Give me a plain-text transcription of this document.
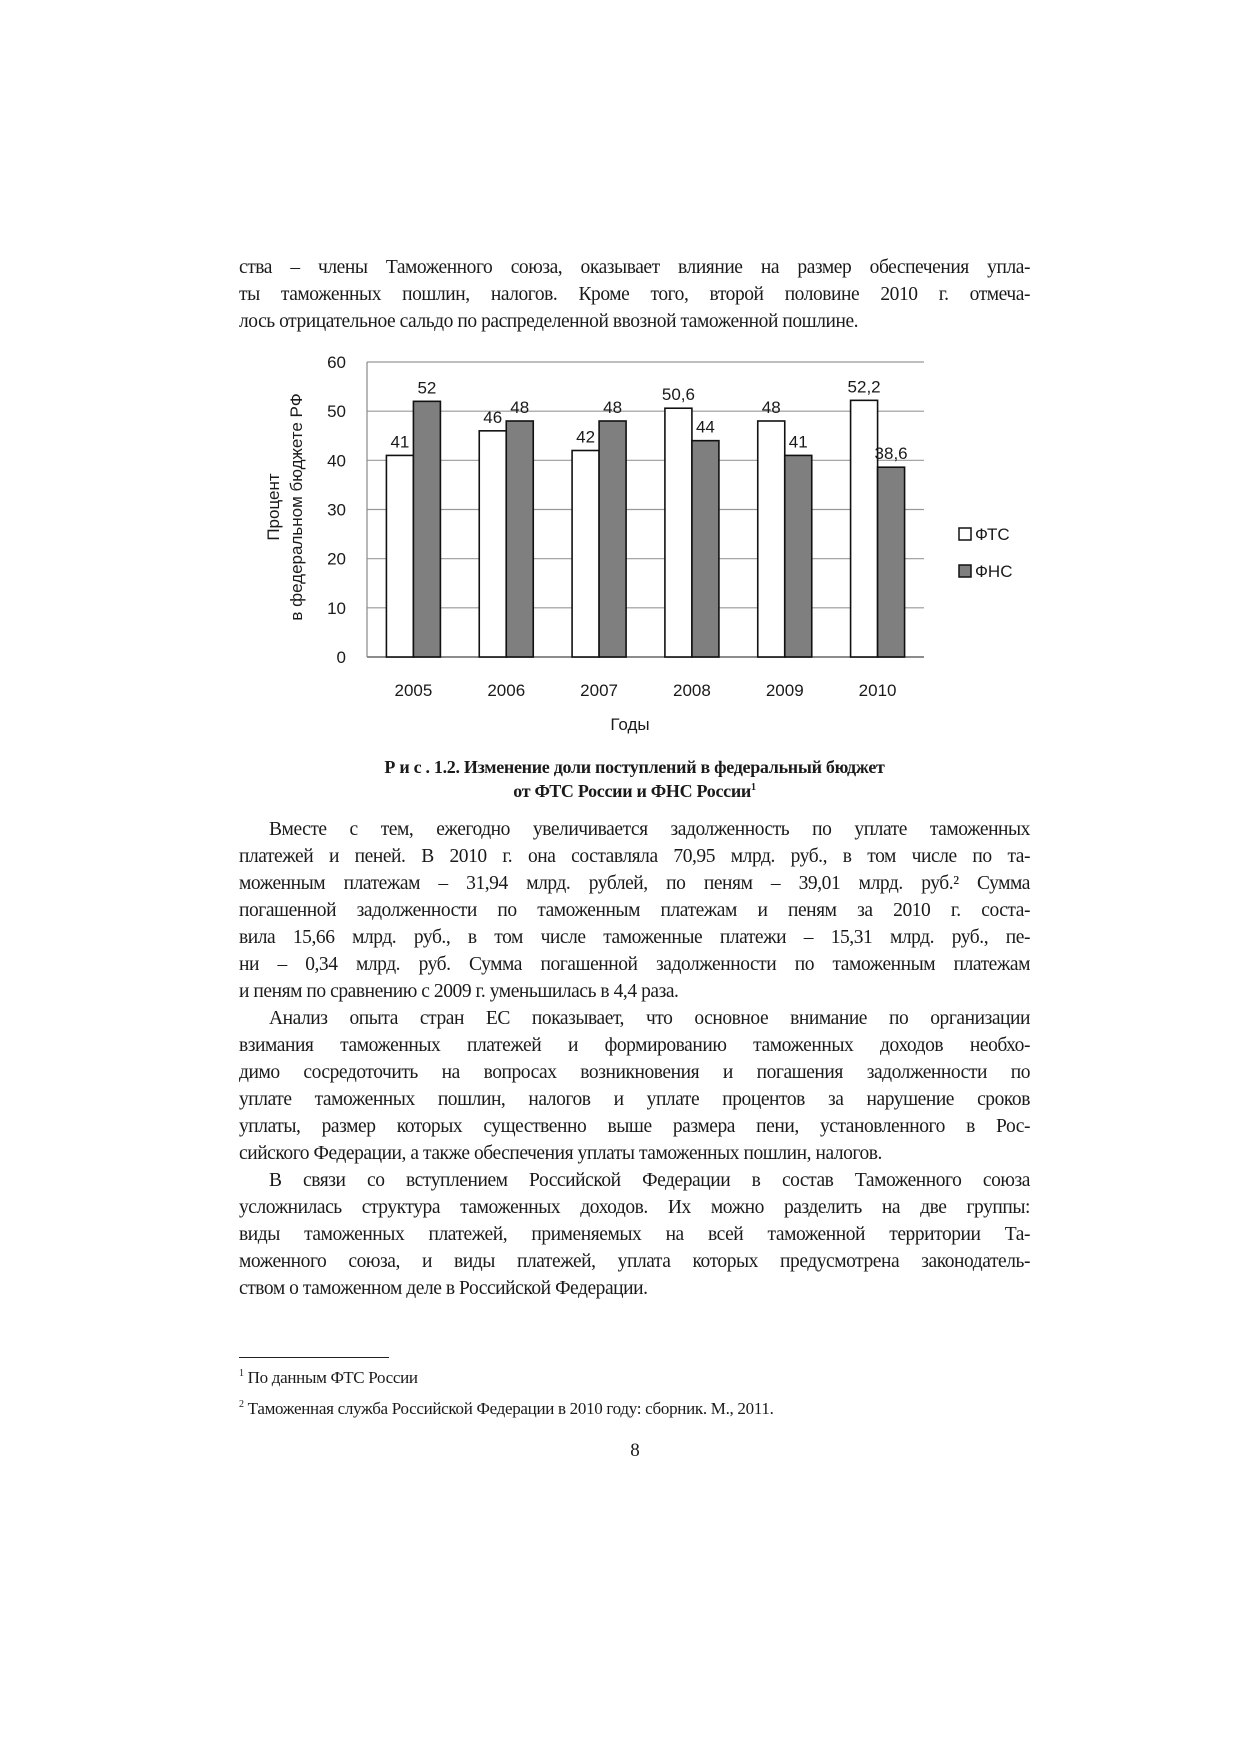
ства – члены Таможенного союза, оказывает влияние на размер обеспечения упла-
ты таможенных пошлин, налогов. Кроме того, второй половине 2010 г. отмеча-
лось отрицательное сальдо по распределенной ввозной таможенной пошлине.
0
10
20
30
40
50
60
41
52
2005
46
48
2006
42
48
2007
50,6
44
2008
48
41
2009
52,2
38,6
2010
Годы
Процент в федеральном бюджете РФ	ФТС
ФНС
Р и с . 1.2. Изменение доли поступлений в федеральный бюджет
от ФТС России и ФНС России$^1$
Вместе с тем, ежегодно увеличивается задолженность по уплате таможенных
платежей и пеней. В 2010 г. она составляла 70,95 млрд. руб., в том числе по та-
моженным платежам – 31,94 млрд. рублей, по пеням – 39,01 млрд. руб.² Сумма
погашенной задолженности по таможенным платежам и пеням за 2010 г. соста-
вила 15,66 млрд. руб., в том числе таможенные платежи – 15,31 млрд. руб., пе-
ни – 0,34 млрд. руб. Сумма погашенной задолженности по таможенным платежам
и пеням по сравнению с 2009 г. уменьшилась в 4,4 раза.
Анализ опыта стран ЕС показывает, что основное внимание по организации
взимания таможенных платежей и формированию таможенных доходов необхо-
димо сосредоточить на вопросах возникновения и погашения задолженности по
уплате таможенных пошлин, налогов и уплате процентов за нарушение сроков
уплаты, размер которых существенно выше размера пени, установленного в Рос-
сийского Федерации, а также обеспечения уплаты таможенных пошлин, налогов.
В связи со вступлением Российской Федерации в состав Таможенного союза
усложнилась структура таможенных доходов. Их можно разделить на две группы:
виды таможенных платежей, применяемых на всей таможенной территории Та-
моженного союза, и виды платежей, уплата которых предусмотрена законодатель-
ством о таможенном деле в Российской Федерации.
$^1$ По данным ФТС России
$^2$ Таможенная служба Российской Федерации в 2010 году: сборник. М., 2011.
8
